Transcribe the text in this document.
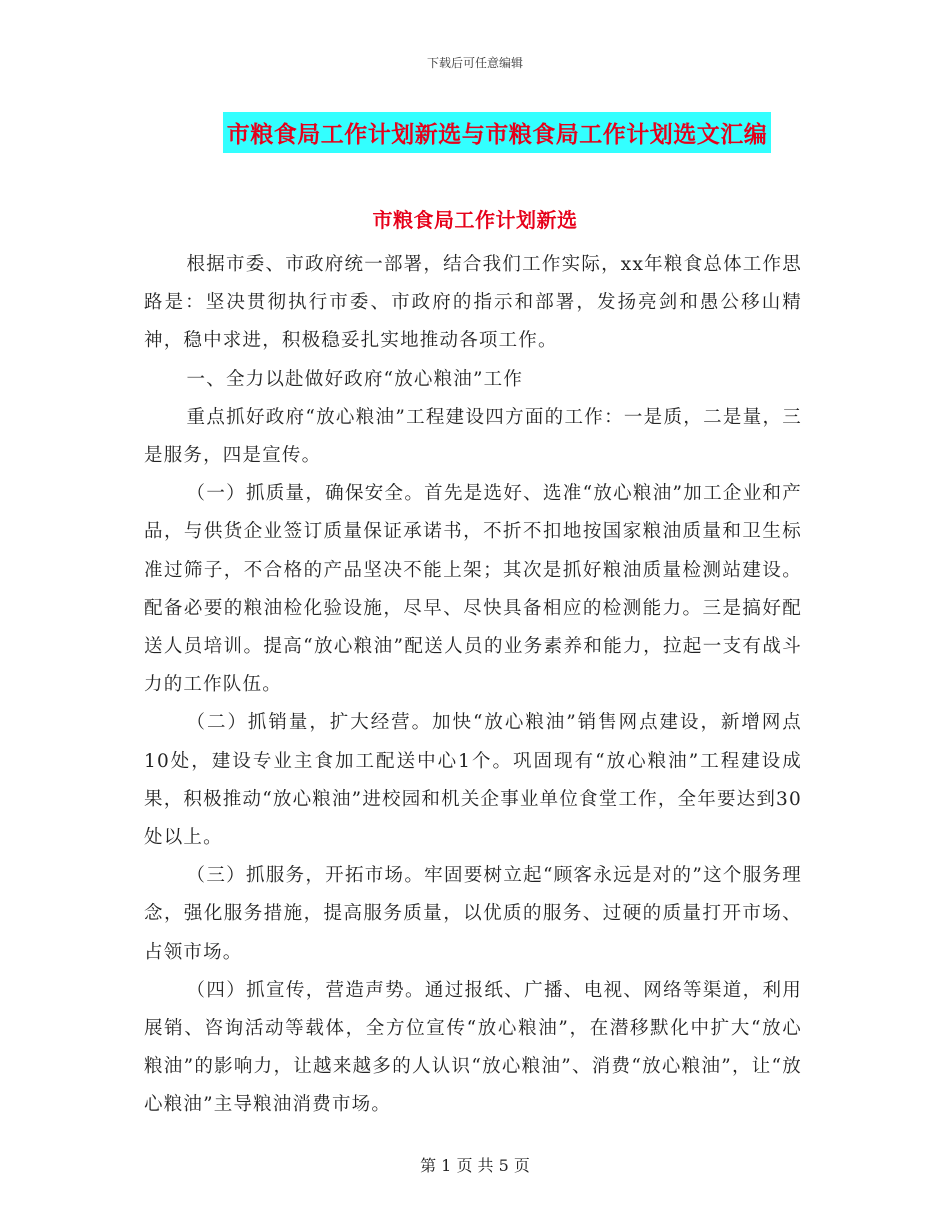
下载后可任意编辑
市粮食局工作计划新选与市粮食局工作计划选文汇编
市粮食局工作计划新选

根据市委、市政府统一部署，结合我们工作实际，xx年粮食总体工作思路是：坚决贯彻执行市委、市政府的指示和部署，发扬亮剑和愚公移山精神，稳中求进，积极稳妥扎实地推动各项工作。

一、全力以赴做好政府“放心粮油”工作

重点抓好政府“放心粮油”工程建设四方面的工作：一是质，二是量，三是服务，四是宣传。

（一）抓质量，确保安全。首先是选好、选准“放心粮油”加工企业和产品，与供货企业签订质量保证承诺书，不折不扣地按国家粮油质量和卫生标准过筛子，不合格的产品坚决不能上架；其次是抓好粮油质量检测站建设。配备必要的粮油检化验设施，尽早、尽快具备相应的检测能力。三是搞好配送人员培训。提高“放心粮油”配送人员的业务素养和能力，拉起一支有战斗力的工作队伍。

（二）抓销量，扩大经营。加快“放心粮油”销售网点建设，新增网点10处，建设专业主食加工配送中心1个。巩固现有“放心粮油”工程建设成果，积极推动“放心粮油”进校园和机关企事业单位食堂工作，全年要达到30处以上。

（三）抓服务，开拓市场。牢固要树立起“顾客永远是对的”这个服务理念，强化服务措施，提高服务质量，以优质的服务、过硬的质量打开市场、占领市场。

（四）抓宣传，营造声势。通过报纸、广播、电视、网络等渠道，利用展销、咨询活动等载体，全方位宣传“放心粮油”，在潜移默化中扩大“放心粮油”的影响力，让越来越多的人认识“放心粮油”、消费“放心粮油”，让“放心粮油”主导粮油消费市场。

第 1 页 共 5 页
